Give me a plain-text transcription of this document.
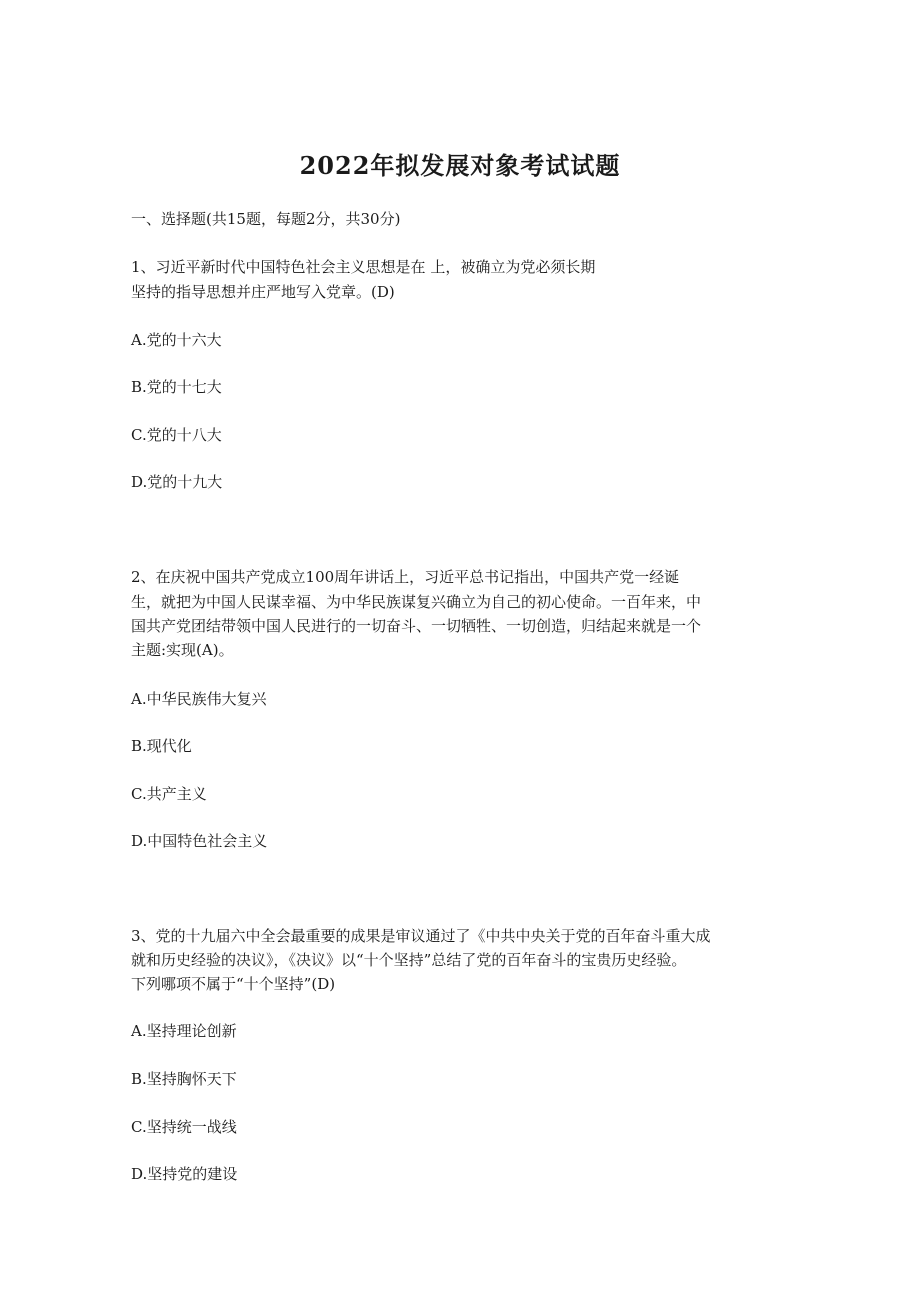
2022年拟发展对象考试试题
一、选择题(共15题，每题2分，共30分)
1、习近平新时代中国特色社会主义思想是在 上，被确立为党必须长期
坚持的指导思想并庄严地写入党章。(D)
A.党的十六大
B.党的十七大
C.党的十八大
D.党的十九大
2、在庆祝中国共产党成立100周年讲话上，习近平总书记指出，中国共产党一经诞
生，就把为中国人民谋幸福、为中华民族谋复兴确立为自己的初心使命。一百年来，中
国共产党团结带领中国人民进行的一切奋斗、一切牺牲、一切创造，归结起来就是一个
主题:实现(A)。
A.中华民族伟大复兴
B.现代化
C.共产主义
D.中国特色社会主义
3、党的十九届六中全会最重要的成果是审议通过了《中共中央关于党的百年奋斗重大成
就和历史经验的决议》，《决议》以“十个坚持”总结了党的百年奋斗的宝贵历史经验。
下列哪项不属于“十个坚持”(D)
A.坚持理论创新
B.坚持胸怀天下
C.坚持统一战线
D.坚持党的建设
